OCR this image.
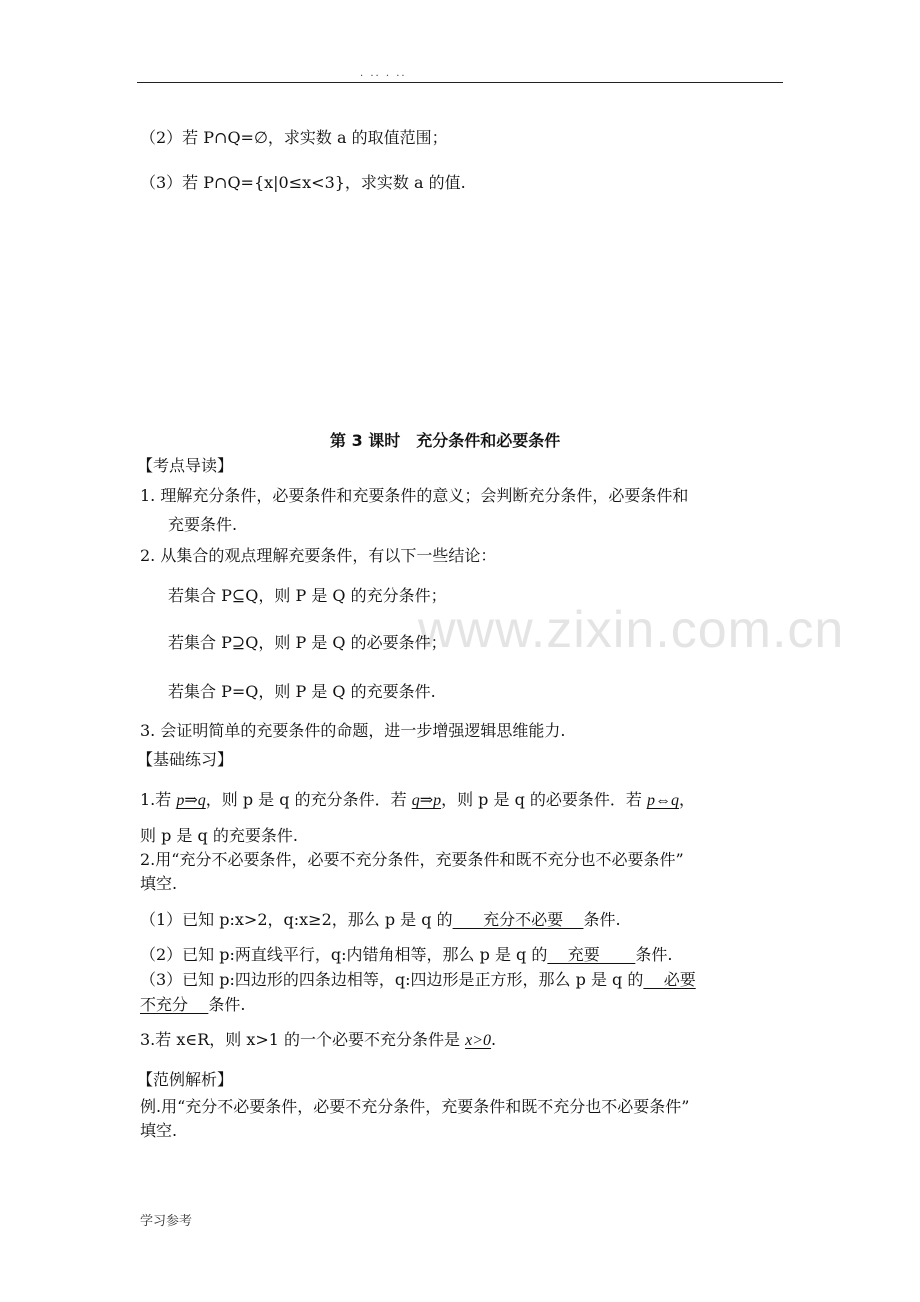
. .. . ..
www.zixin.com.cn
（2）若 P∩Q=∅，求实数 a 的取值范围；
（3）若 P∩Q={x|0≤x<3}，求实数 a 的值.
第 3 课时　充分条件和必要条件
【考点导读】
1. 理解充分条件，必要条件和充要条件的意义；会判断充分条件，必要条件和
充要条件.
2. 从集合的观点理解充要条件，有以下一些结论：
若集合 P⊆Q，则 P 是 Q 的充分条件；
若集合 P⊇Q，则 P 是 Q 的必要条件；
若集合 P=Q，则 P 是 Q 的充要条件.
3. 会证明简单的充要条件的命题，进一步增强逻辑思维能力.
【基础练习】
1.若 p⇒q，则 p 是 q 的充分条件．若 q⇒p，则 p 是 q 的必要条件．若 p⇔q，
则 p 是 q 的充要条件.
2.用“充分不必要条件，必要不充分条件，充要条件和既不充分也不必要条件”
填空.
（1）已知 p:x>2，q:x≥2，那么 p 是 q 的      充分不必要    条件.
（2）已知 p:两直线平行，q:内错角相等，那么 p 是 q 的    充要       条件.
（3）已知 p:四边形的四条边相等，q:四边形是正方形，那么 p 是 q 的    必要
不充分    条件.
3.若 x∈R，则 x>1 的一个必要不充分条件是 x>0.
【范例解析】
例.用“充分不必要条件，必要不充分条件，充要条件和既不充分也不必要条件”
填空.
学习参考
